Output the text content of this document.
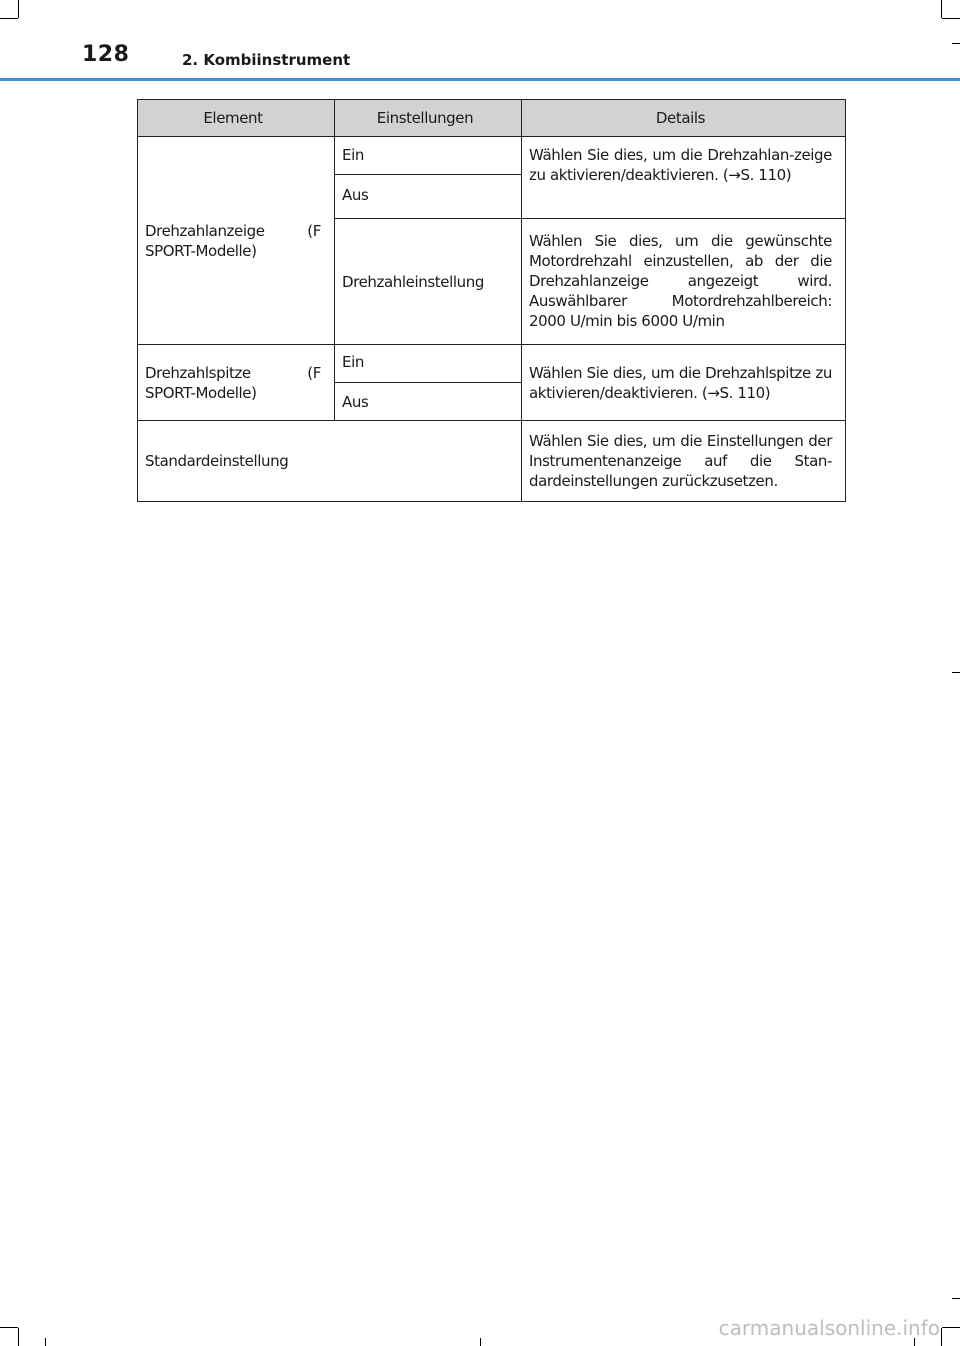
128	2. Kombiinstrument
Element	Einstellungen	Details
Drehzahlanzeige (F SPORT-Modelle)	Ein	Wählen Sie dies, um die Drehzahlan-zeige zu aktivieren/deaktivieren. (→S. 110)
	Aus	
	Drehzahleinstellung	Wählen Sie dies, um die gewünschte Motordrehzahl einzustellen, ab der die Drehzahlanzeige angezeigt wird. Auswählbarer Motordrehzahlbereich: 2000 U/min bis 6000 U/min
Drehzahlspitze (F SPORT-Modelle)	Ein	Wählen Sie dies, um die Drehzahlspitze zu aktivieren/deaktivieren. (→S. 110)
	Aus	
Standardeinstellung		Wählen Sie dies, um die Einstellungen der Instrumentenanzeige auf die Stan-dardeinstellungen zurückzusetzen.
carmanualsonline.info
